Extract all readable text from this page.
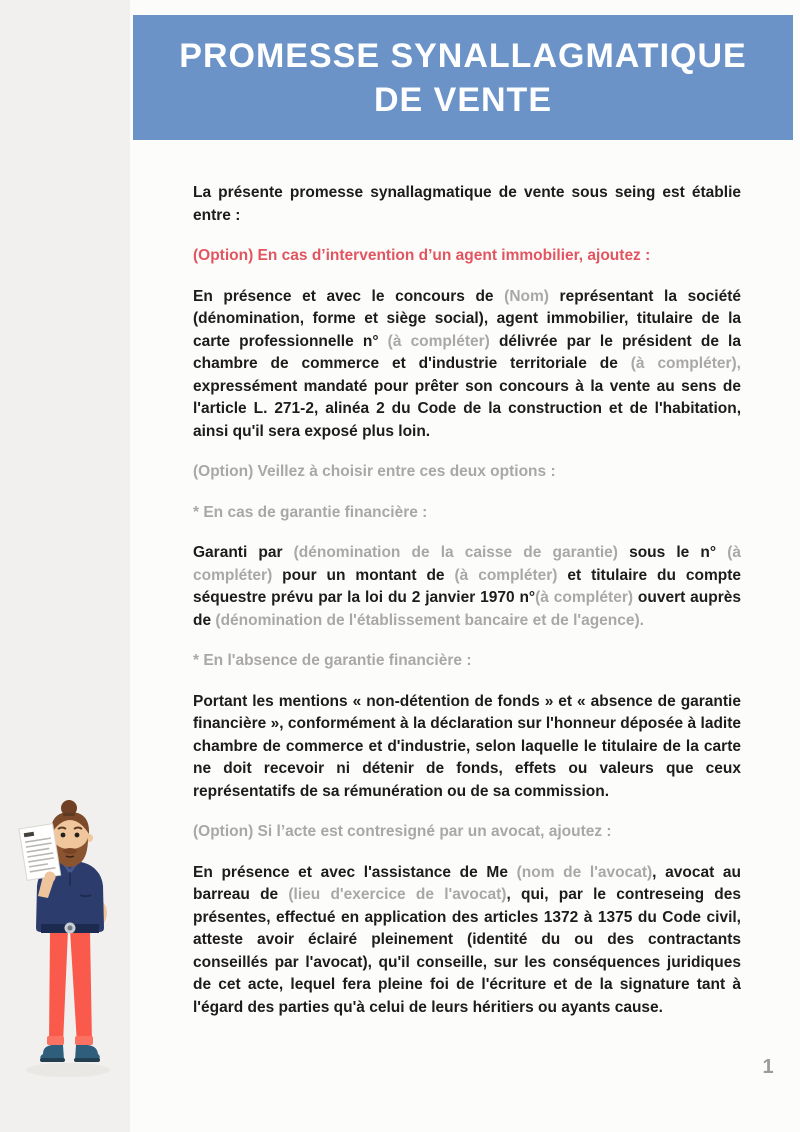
PROMESSE SYNALLAGMATIQUE
DE VENTE

La présente promesse synallagmatique de vente sous seing est établie entre :

(Option) En cas d’intervention d’un agent immobilier, ajoutez :

En présence et avec le concours de (Nom) représentant la société (dénomination, forme et siège social), agent immobilier, titulaire de la carte professionnelle n° (à compléter) délivrée par le président de la chambre de commerce et d'industrie territoriale de (à compléter), expressément mandaté pour prêter son concours à la vente au sens de l'article L. 271-2, alinéa 2 du Code de la construction et de l'habitation, ainsi qu'il sera exposé plus loin.

(Option) Veillez à choisir entre ces deux options :

* En cas de garantie financière :

Garanti par (dénomination de la caisse de garantie) sous le n° (à compléter) pour un montant de (à compléter) et titulaire du compte séquestre prévu par la loi du 2 janvier 1970 n°(à compléter) ouvert auprès de (dénomination de l'établissement bancaire et de l'agence).

* En l'absence de garantie financière :

Portant les mentions « non-détention de fonds » et « absence de garantie financière », conformément à la déclaration sur l'honneur déposée à ladite chambre de commerce et d'industrie, selon laquelle le titulaire de la carte ne doit recevoir ni détenir de fonds, effets ou valeurs que ceux représentatifs de sa rémunération ou de sa commission.

(Option) Si l’acte est contresigné par un avocat, ajoutez :

En présence et avec l'assistance de Me (nom de l'avocat), avocat au barreau de (lieu d'exercice de l'avocat), qui, par le contreseing des présentes, effectué en application des articles 1372 à 1375 du Code civil, atteste avoir éclairé pleinement (identité du ou des contractants conseillés par l'avocat), qu'il conseille, sur les conséquences juridiques de cet acte, lequel fera pleine foi de l'écriture et de la signature tant à l'égard des parties qu'à celui de leurs héritiers ou ayants cause.

1
